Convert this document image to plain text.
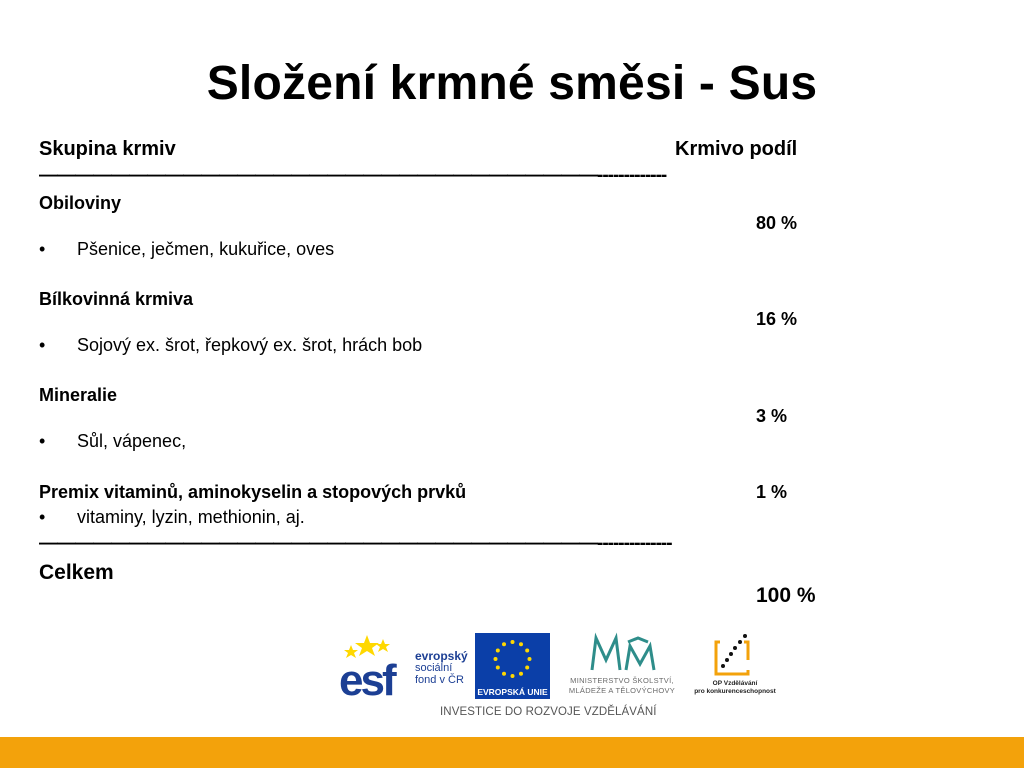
Složení krmné směsi - Sus
Skupina krmiv	Krmivo podíl
———————————————————————————————-------------
Obiloviny
80 %
• Pšenice, ječmen, kukuřice, oves
Bílkovinná krmiva
16 %
• Sojový ex. šrot, řepkový ex. šrot, hrách bob
Mineralie
3 %
• Sůl, vápenec,
Premix vitaminů, aminokyselin a stopových prvků	1 %
• vitaminy, lyzin, methionin, aj.
———————————————————————————————--------------
Celkem
100 %
esf evropský
sociální
fond v ČR
EVROPSKÁ UNIE
MINISTERSTVO ŠKOLSTVÍ,
MLÁDEŽE A TĚLOVÝCHOVY
OP Vzdělávání
pro konkurenceschopnost
INVESTICE DO ROZVOJE VZDĚLÁVÁNÍ
